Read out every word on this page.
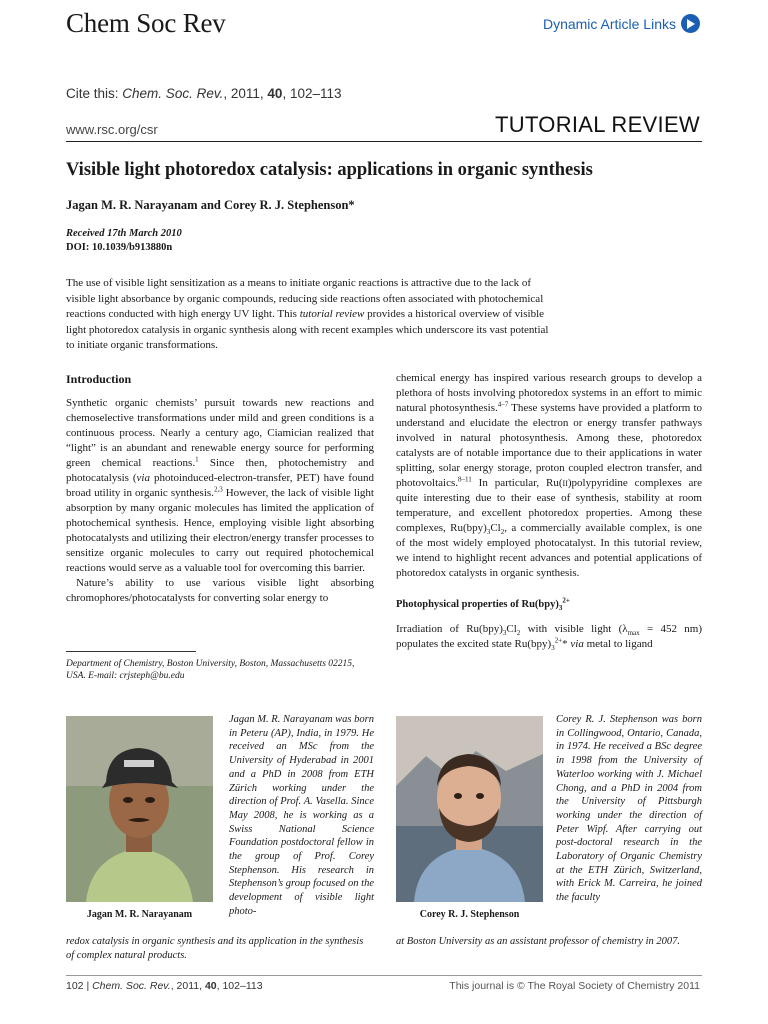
Chem Soc Rev	Dynamic Article Links
Cite this: Chem. Soc. Rev., 2011, 40, 102–113
www.rsc.org/csr	TUTORIAL REVIEW
Visible light photoredox catalysis: applications in organic synthesis
Jagan M. R. Narayanam and Corey R. J. Stephenson*
Received 17th March 2010
DOI: 10.1039/b913880n

The use of visible light sensitization as a means to initiate organic reactions is attractive due to the lack of visible light absorbance by organic compounds, reducing side reactions often associated with photochemical reactions conducted with high energy UV light. This tutorial review provides a historical overview of visible light photoredox catalysis in organic synthesis along with recent examples which underscore its vast potential to initiate organic transformations.

Introduction

Synthetic organic chemists’ pursuit towards new reactions and chemoselective transformations under mild and green conditions is a continuous process. Nearly a century ago, Ciamician realized that “light” is an abundant and renewable energy source for performing green chemical reactions.$^1$ Since then, photochemistry and photocatalysis (via photoinduced-electron-transfer, PET) have found broad utility in organic synthesis.$^{2,3}$ However, the lack of visible light absorption by many organic molecules has limited the application of photochemical synthesis. Hence, employing visible light absorbing photocatalysts and utilizing their electron/energy transfer processes to sensitize organic molecules to carry out required photochemical reactions would serve as a valuable tool for overcoming this barrier.

Nature’s ability to use various visible light absorbing chromophores/photocatalysts for converting solar energy to

chemical energy has inspired various research groups to develop a plethora of hosts involving photoredox systems in an effort to mimic natural photosynthesis.$^{4-7}$ These systems have provided a platform to understand and elucidate the electron or energy transfer pathways involved in natural photosynthesis. Among these, photoredox catalysts are of notable importance due to their applications in water splitting, solar energy storage, proton coupled electron transfer, and photovoltaics.$^{8-11}$ In particular, Ru(II)polypyridine complexes are quite interesting due to their ease of synthesis, stability at room temperature, and excellent photoredox properties. Among these complexes, $Ru(bpy)_3Cl_2$, a commercially available complex, is one of the most widely employed photocatalyst. In this tutorial review, we intend to highlight recent advances and potential applications of photoredox catalysts in organic synthesis.

Photophysical properties of $Ru(bpy)_3^{2+}$

Irradiation of $Ru(bpy)_3Cl_2$ with visible light ($\lambda_{max} = 452$ nm) populates the excited state $Ru(bpy)_3^{2+}*$ via metal to ligand

Department of Chemistry, Boston University, Boston, Massachusetts 02215, USA. E-mail: crjsteph@bu.edu
Jagan M. R. Narayanam
Jagan M. R. Narayanam was born in Peteru (AP), India, in 1979. He received an MSc from the University of Hyderabad in 2001 and a PhD in 2008 from ETH Zürich working under the direction of Prof. A. Vasella. Since May 2008, he is working as a Swiss National Science Foundation postdoctoral fellow in the group of Prof. Corey Stephenson. His research in Stephenson’s group focused on the development of visible light photo-
redox catalysis in organic synthesis and its application in the synthesis of complex natural products.
Corey R. J. Stephenson
Corey R. J. Stephenson was born in Collingwood, Ontario, Canada, in 1974. He received a BSc degree in 1998 from the University of Waterloo working with J. Michael Chong, and a PhD in 2004 from the University of Pittsburgh working under the direction of Peter Wipf. After carrying out post-doctoral research in the Laboratory of Organic Chemistry at the ETH Zürich, Switzerland, with Erick M. Carreira, he joined the faculty
at Boston University as an assistant professor of chemistry in 2007.
102 | Chem. Soc. Rev., 2011, 40, 102–113	This journal is © The Royal Society of Chemistry 2011
